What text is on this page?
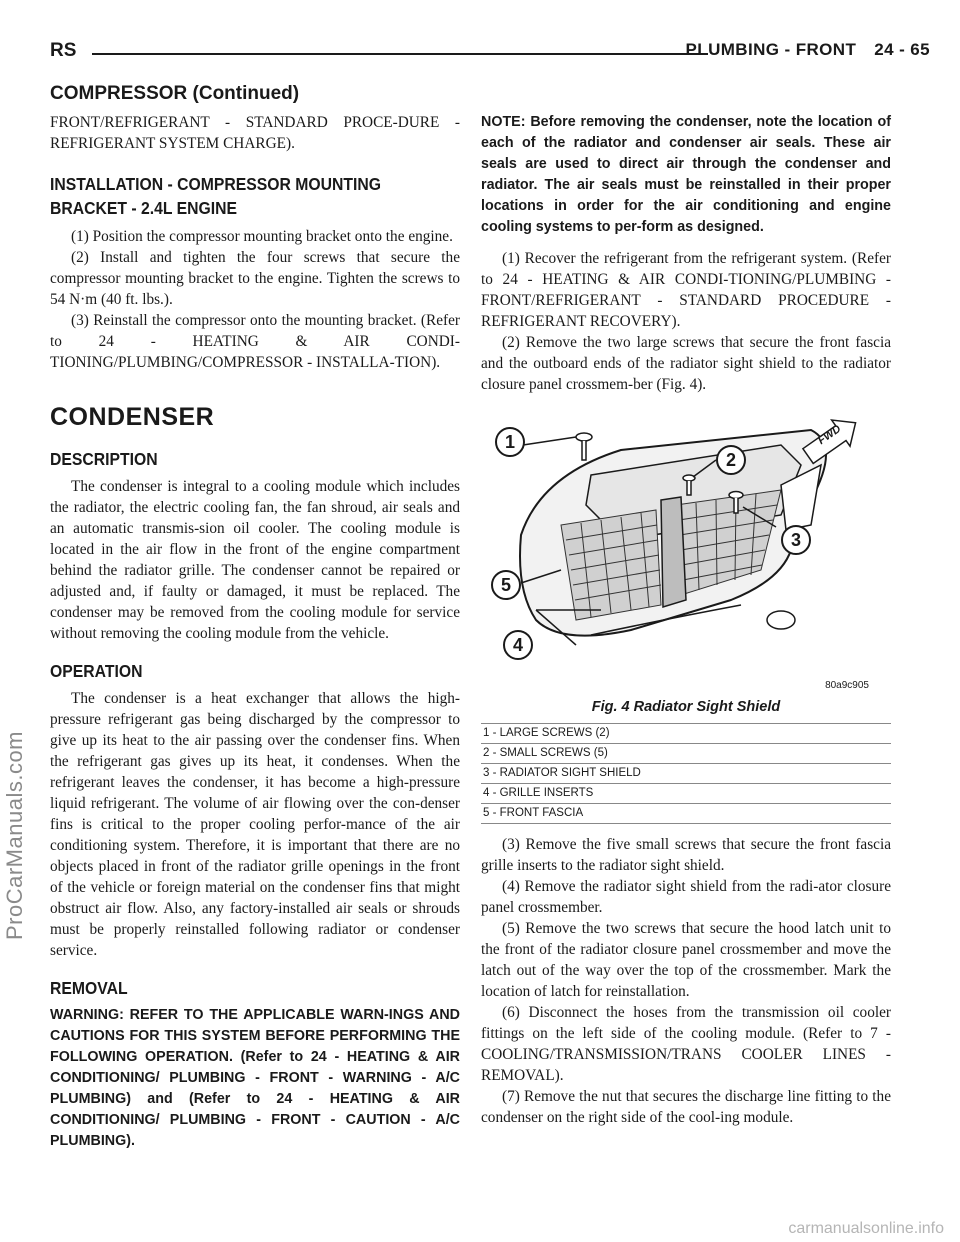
RS	PLUMBING - FRONT 24 - 65
COMPRESSOR (Continued)

FRONT/REFRIGERANT - STANDARD PROCE-DURE - REFRIGERANT SYSTEM CHARGE).

INSTALLATION - COMPRESSOR MOUNTING BRACKET - 2.4L ENGINE

(1) Position the compressor mounting bracket onto the engine.

(2) Install and tighten the four screws that secure the compressor mounting bracket to the engine. Tighten the screws to 54 N·m (40 ft. lbs.).

(3) Reinstall the compressor onto the mounting bracket. (Refer to 24 - HEATING & AIR CONDI-TIONING/PLUMBING/COMPRESSOR - INSTALLA-TION).

CONDENSER
DESCRIPTION

The condenser is integral to a cooling module which includes the radiator, the electric cooling fan, the fan shroud, air seals and an automatic transmis-sion oil cooler. The cooling module is located in the air flow in the front of the engine compartment behind the radiator grille. The condenser cannot be repaired or adjusted and, if faulty or damaged, it must be replaced. The condenser may be removed from the cooling module for service without removing the cooling module from the vehicle.

OPERATION

The condenser is a heat exchanger that allows the high-pressure refrigerant gas being discharged by the compressor to give up its heat to the air passing over the condenser fins. When the refrigerant gas gives up its heat, it condenses. When the refrigerant leaves the condenser, it has become a high-pressure liquid refrigerant. The volume of air flowing over the con-denser fins is critical to the proper cooling perfor-mance of the air conditioning system. Therefore, it is important that there are no objects placed in front of the radiator grille openings in the front of the vehicle or foreign material on the condenser fins that might obstruct air flow. Also, any factory-installed air seals or shrouds must be properly reinstalled following radiator or condenser service.

REMOVAL

WARNING: REFER TO THE APPLICABLE WARN-INGS AND CAUTIONS FOR THIS SYSTEM BEFORE PERFORMING THE FOLLOWING OPERATION. (Refer to 24 - HEATING & AIR CONDITIONING/ PLUMBING - FRONT - WARNING - A/C PLUMBING) and (Refer to 24 - HEATING & AIR CONDITIONING/ PLUMBING - FRONT - CAUTION - A/C PLUMBING).

NOTE: Before removing the condenser, note the location of each of the radiator and condenser air seals. These air seals are used to direct air through the condenser and radiator. The air seals must be reinstalled in their proper locations in order for the air conditioning and engine cooling systems to per-form as designed.

(1) Recover the refrigerant from the refrigerant system. (Refer to 24 - HEATING & AIR CONDI-TIONING/PLUMBING - FRONT/REFRIGERANT - STANDARD PROCEDURE - REFRIGERANT RECOVERY).

(2) Remove the two large screws that secure the front fascia and the outboard ends of the radiator sight shield to the radiator closure panel crossmem-ber (Fig. 4).

1
2
3
4
5
FWD
80a9c905
Fig. 4 Radiator Sight Shield
1 - LARGE SCREWS (2)
2 - SMALL SCREWS (5)
3 - RADIATOR SIGHT SHIELD
4 - GRILLE INSERTS
5 - FRONT FASCIA

(3) Remove the five small screws that secure the front fascia grille inserts to the radiator sight shield.

(4) Remove the radiator sight shield from the radi-ator closure panel crossmember.

(5) Remove the two screws that secure the hood latch unit to the front of the radiator closure panel crossmember and move the latch out of the way over the top of the crossmember. Mark the location of latch for reinstallation.

(6) Disconnect the hoses from the transmission oil cooler fittings on the left side of the cooling module. (Refer to 7 - COOLING/TRANSMISSION/TRANS COOLER LINES - REMOVAL).

(7) Remove the nut that secures the discharge line fitting to the condenser on the right side of the cool-ing module.

ProCarManuals.com
carmanualsonline.info
